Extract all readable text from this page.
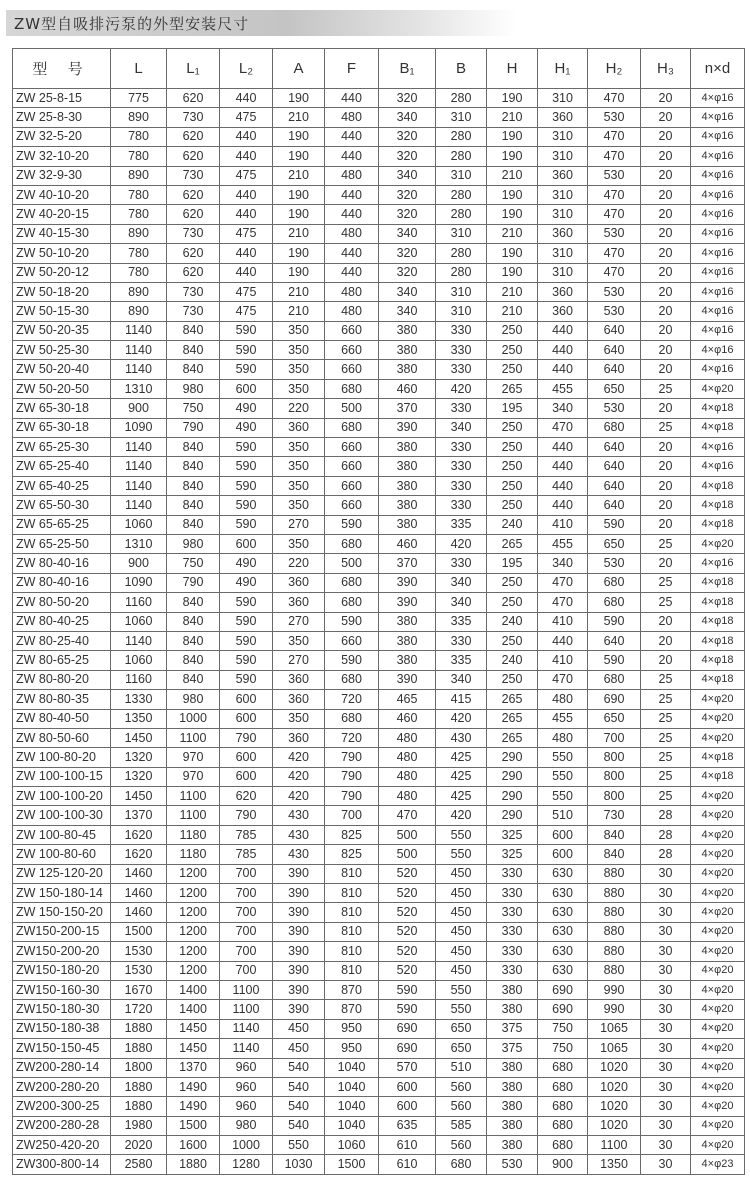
ZW型自吸排污泵的外型安装尺寸
型 号	L	L₁	L₂	A	F	B₁	B	H	H₁	H₂	H₃	n×d
ZW 25-8-15	775	620	440	190	440	320	280	190	310	470	20	4×φ16
ZW 25-8-30	890	730	475	210	480	340	310	210	360	530	20	4×φ16
ZW 32-5-20	780	620	440	190	440	320	280	190	310	470	20	4×φ16
ZW 32-10-20	780	620	440	190	440	320	280	190	310	470	20	4×φ16
ZW 32-9-30	890	730	475	210	480	340	310	210	360	530	20	4×φ16
ZW 40-10-20	780	620	440	190	440	320	280	190	310	470	20	4×φ16
ZW 40-20-15	780	620	440	190	440	320	280	190	310	470	20	4×φ16
ZW 40-15-30	890	730	475	210	480	340	310	210	360	530	20	4×φ16
ZW 50-10-20	780	620	440	190	440	320	280	190	310	470	20	4×φ16
ZW 50-20-12	780	620	440	190	440	320	280	190	310	470	20	4×φ16
ZW 50-18-20	890	730	475	210	480	340	310	210	360	530	20	4×φ16
ZW 50-15-30	890	730	475	210	480	340	310	210	360	530	20	4×φ16
ZW 50-20-35	1140	840	590	350	660	380	330	250	440	640	20	4×φ16
ZW 50-25-30	1140	840	590	350	660	380	330	250	440	640	20	4×φ16
ZW 50-20-40	1140	840	590	350	660	380	330	250	440	640	20	4×φ16
ZW 50-20-50	1310	980	600	350	680	460	420	265	455	650	25	4×φ20
ZW 65-30-18	900	750	490	220	500	370	330	195	340	530	20	4×φ18
ZW 65-30-18	1090	790	490	360	680	390	340	250	470	680	25	4×φ18
ZW 65-25-30	1140	840	590	350	660	380	330	250	440	640	20	4×φ16
ZW 65-25-40	1140	840	590	350	660	380	330	250	440	640	20	4×φ16
ZW 65-40-25	1140	840	590	350	660	380	330	250	440	640	20	4×φ18
ZW 65-50-30	1140	840	590	350	660	380	330	250	440	640	20	4×φ18
ZW 65-65-25	1060	840	590	270	590	380	335	240	410	590	20	4×φ18
ZW 65-25-50	1310	980	600	350	680	460	420	265	455	650	25	4×φ20
ZW 80-40-16	900	750	490	220	500	370	330	195	340	530	20	4×φ16
ZW 80-40-16	1090	790	490	360	680	390	340	250	470	680	25	4×φ18
ZW 80-50-20	1160	840	590	360	680	390	340	250	470	680	25	4×φ18
ZW 80-40-25	1060	840	590	270	590	380	335	240	410	590	20	4×φ18
ZW 80-25-40	1140	840	590	350	660	380	330	250	440	640	20	4×φ18
ZW 80-65-25	1060	840	590	270	590	380	335	240	410	590	20	4×φ18
ZW 80-80-20	1160	840	590	360	680	390	340	250	470	680	25	4×φ18
ZW 80-80-35	1330	980	600	360	720	465	415	265	480	690	25	4×φ20
ZW 80-40-50	1350	1000	600	350	680	460	420	265	455	650	25	4×φ20
ZW 80-50-60	1450	1100	790	360	720	480	430	265	480	700	25	4×φ20
ZW 100-80-20	1320	970	600	420	790	480	425	290	550	800	25	4×φ18
ZW 100-100-15	1320	970	600	420	790	480	425	290	550	800	25	4×φ18
ZW 100-100-20	1450	1100	620	420	790	480	425	290	550	800	25	4×φ20
ZW 100-100-30	1370	1100	790	430	700	470	420	290	510	730	28	4×φ20
ZW 100-80-45	1620	1180	785	430	825	500	550	325	600	840	28	4×φ20
ZW 100-80-60	1620	1180	785	430	825	500	550	325	600	840	28	4×φ20
ZW 125-120-20	1460	1200	700	390	810	520	450	330	630	880	30	4×φ20
ZW 150-180-14	1460	1200	700	390	810	520	450	330	630	880	30	4×φ20
ZW 150-150-20	1460	1200	700	390	810	520	450	330	630	880	30	4×φ20
ZW150-200-15	1500	1200	700	390	810	520	450	330	630	880	30	4×φ20
ZW150-200-20	1530	1200	700	390	810	520	450	330	630	880	30	4×φ20
ZW150-180-20	1530	1200	700	390	810	520	450	330	630	880	30	4×φ20
ZW150-160-30	1670	1400	1100	390	870	590	550	380	690	990	30	4×φ20
ZW150-180-30	1720	1400	1100	390	870	590	550	380	690	990	30	4×φ20
ZW150-180-38	1880	1450	1140	450	950	690	650	375	750	1065	30	4×φ20
ZW150-150-45	1880	1450	1140	450	950	690	650	375	750	1065	30	4×φ20
ZW200-280-14	1800	1370	960	540	1040	570	510	380	680	1020	30	4×φ20
ZW200-280-20	1880	1490	960	540	1040	600	560	380	680	1020	30	4×φ20
ZW200-300-25	1880	1490	960	540	1040	600	560	380	680	1020	30	4×φ20
ZW200-280-28	1980	1500	980	540	1040	635	585	380	680	1020	30	4×φ20
ZW250-420-20	2020	1600	1000	550	1060	610	560	380	680	1100	30	4×φ20
ZW300-800-14	2580	1880	1280	1030	1500	610	680	530	900	1350	30	4×φ23
